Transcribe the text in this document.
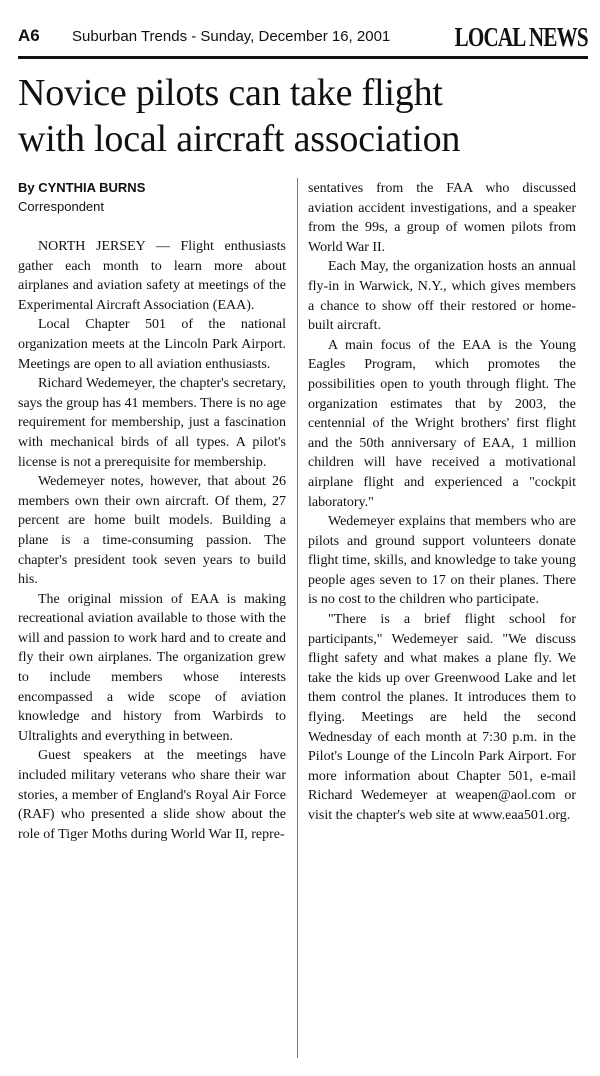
A6 Suburban Trends - Sunday, December 16, 2001 LOCAL NEWS
Novice pilots can take flight
with local aircraft association
By CYNTHIA BURNS
Correspondent

NORTH JERSEY — Flight enthusiasts gather each month to learn more about airplanes and aviation safety at meetings of the Experimental Aircraft Association (EAA).

Local Chapter 501 of the national organization meets at the Lincoln Park Airport. Meetings are open to all aviation enthusiasts.

Richard Wedemeyer, the chapter's secretary, says the group has 41 members. There is no age requirement for membership, just a fascination with mechanical birds of all types. A pilot's license is not a prerequisite for membership.

Wedemeyer notes, however, that about 26 members own their own aircraft. Of them, 27 percent are home built models. Building a plane is a time-consuming passion. The chapter's president took seven years to build his.

The original mission of EAA is making recreational aviation available to those with the will and passion to work hard and to create and fly their own airplanes. The organization grew to include members whose interests encompassed a wide scope of aviation knowledge and history from Warbirds to Ultralights and everything in between.

Guest speakers at the meetings have included military veterans who share their war stories, a member of England's Royal Air Force (RAF) who presented a slide show about the role of Tiger Moths during World War II, repre-

sentatives from the FAA who discussed aviation accident investigations, and a speaker from the 99s, a group of women pilots from World War II.

Each May, the organization hosts an annual fly-in in Warwick, N.Y., which gives members a chance to show off their restored or home-built aircraft.

A main focus of the EAA is the Young Eagles Program, which promotes the possibilities open to youth through flight. The organization estimates that by 2003, the centennial of the Wright brothers' first flight and the 50th anniversary of EAA, 1 million children will have received a motivational airplane flight and experienced a "cockpit laboratory."

Wedemeyer explains that members who are pilots and ground support volunteers donate flight time, skills, and knowledge to take young people ages seven to 17 on their planes. There is no cost to the children who participate.

"There is a brief flight school for participants," Wedemeyer said. "We discuss flight safety and what makes a plane fly. We take the kids up over Greenwood Lake and let them control the planes. It introduces them to flying. Meetings are held the second Wednesday of each month at 7:30 p.m. in the Pilot's Lounge of the Lincoln Park Airport. For more information about Chapter 501, e-mail Richard Wedemeyer at weapen@aol.com or visit the chapter's web site at www.eaa501.org.
